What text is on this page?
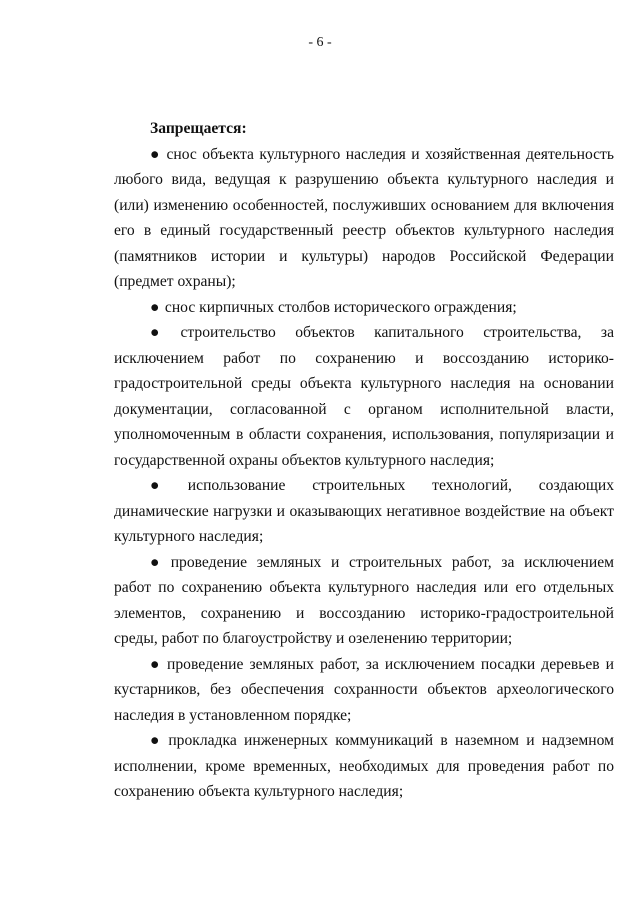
- 6 -

Запрещается:

● снос объекта культурного наследия и хозяйственная деятельность любого вида, ведущая к разрушению объекта культурного наследия и (или) изменению особенностей, послуживших основанием для включения его в единый государственный реестр объектов культурного наследия (памятников истории и культуры) народов Российской Федерации (предмет охраны);

● снос кирпичных столбов исторического ограждения;

● строительство объектов капитального строительства, за исключением работ по сохранению и воссозданию историко-градостроительной среды объекта культурного наследия на основании документации, согласованной с органом исполнительной власти, уполномоченным в области сохранения, использования, популяризации и государственной охраны объектов культурного наследия;

● использование строительных технологий, создающих динамические нагрузки и оказывающих негативное воздействие на объект культурного наследия;

● проведение земляных и строительных работ, за исключением работ по сохранению объекта культурного наследия или его отдельных элементов, сохранению и воссозданию историко-градостроительной среды, работ по благоустройству и озеленению территории;

● проведение земляных работ, за исключением посадки деревьев и кустарников, без обеспечения сохранности объектов археологического наследия в установленном порядке;

● прокладка инженерных коммуникаций в наземном и надземном исполнении, кроме временных, необходимых для проведения работ по сохранению объекта культурного наследия;
